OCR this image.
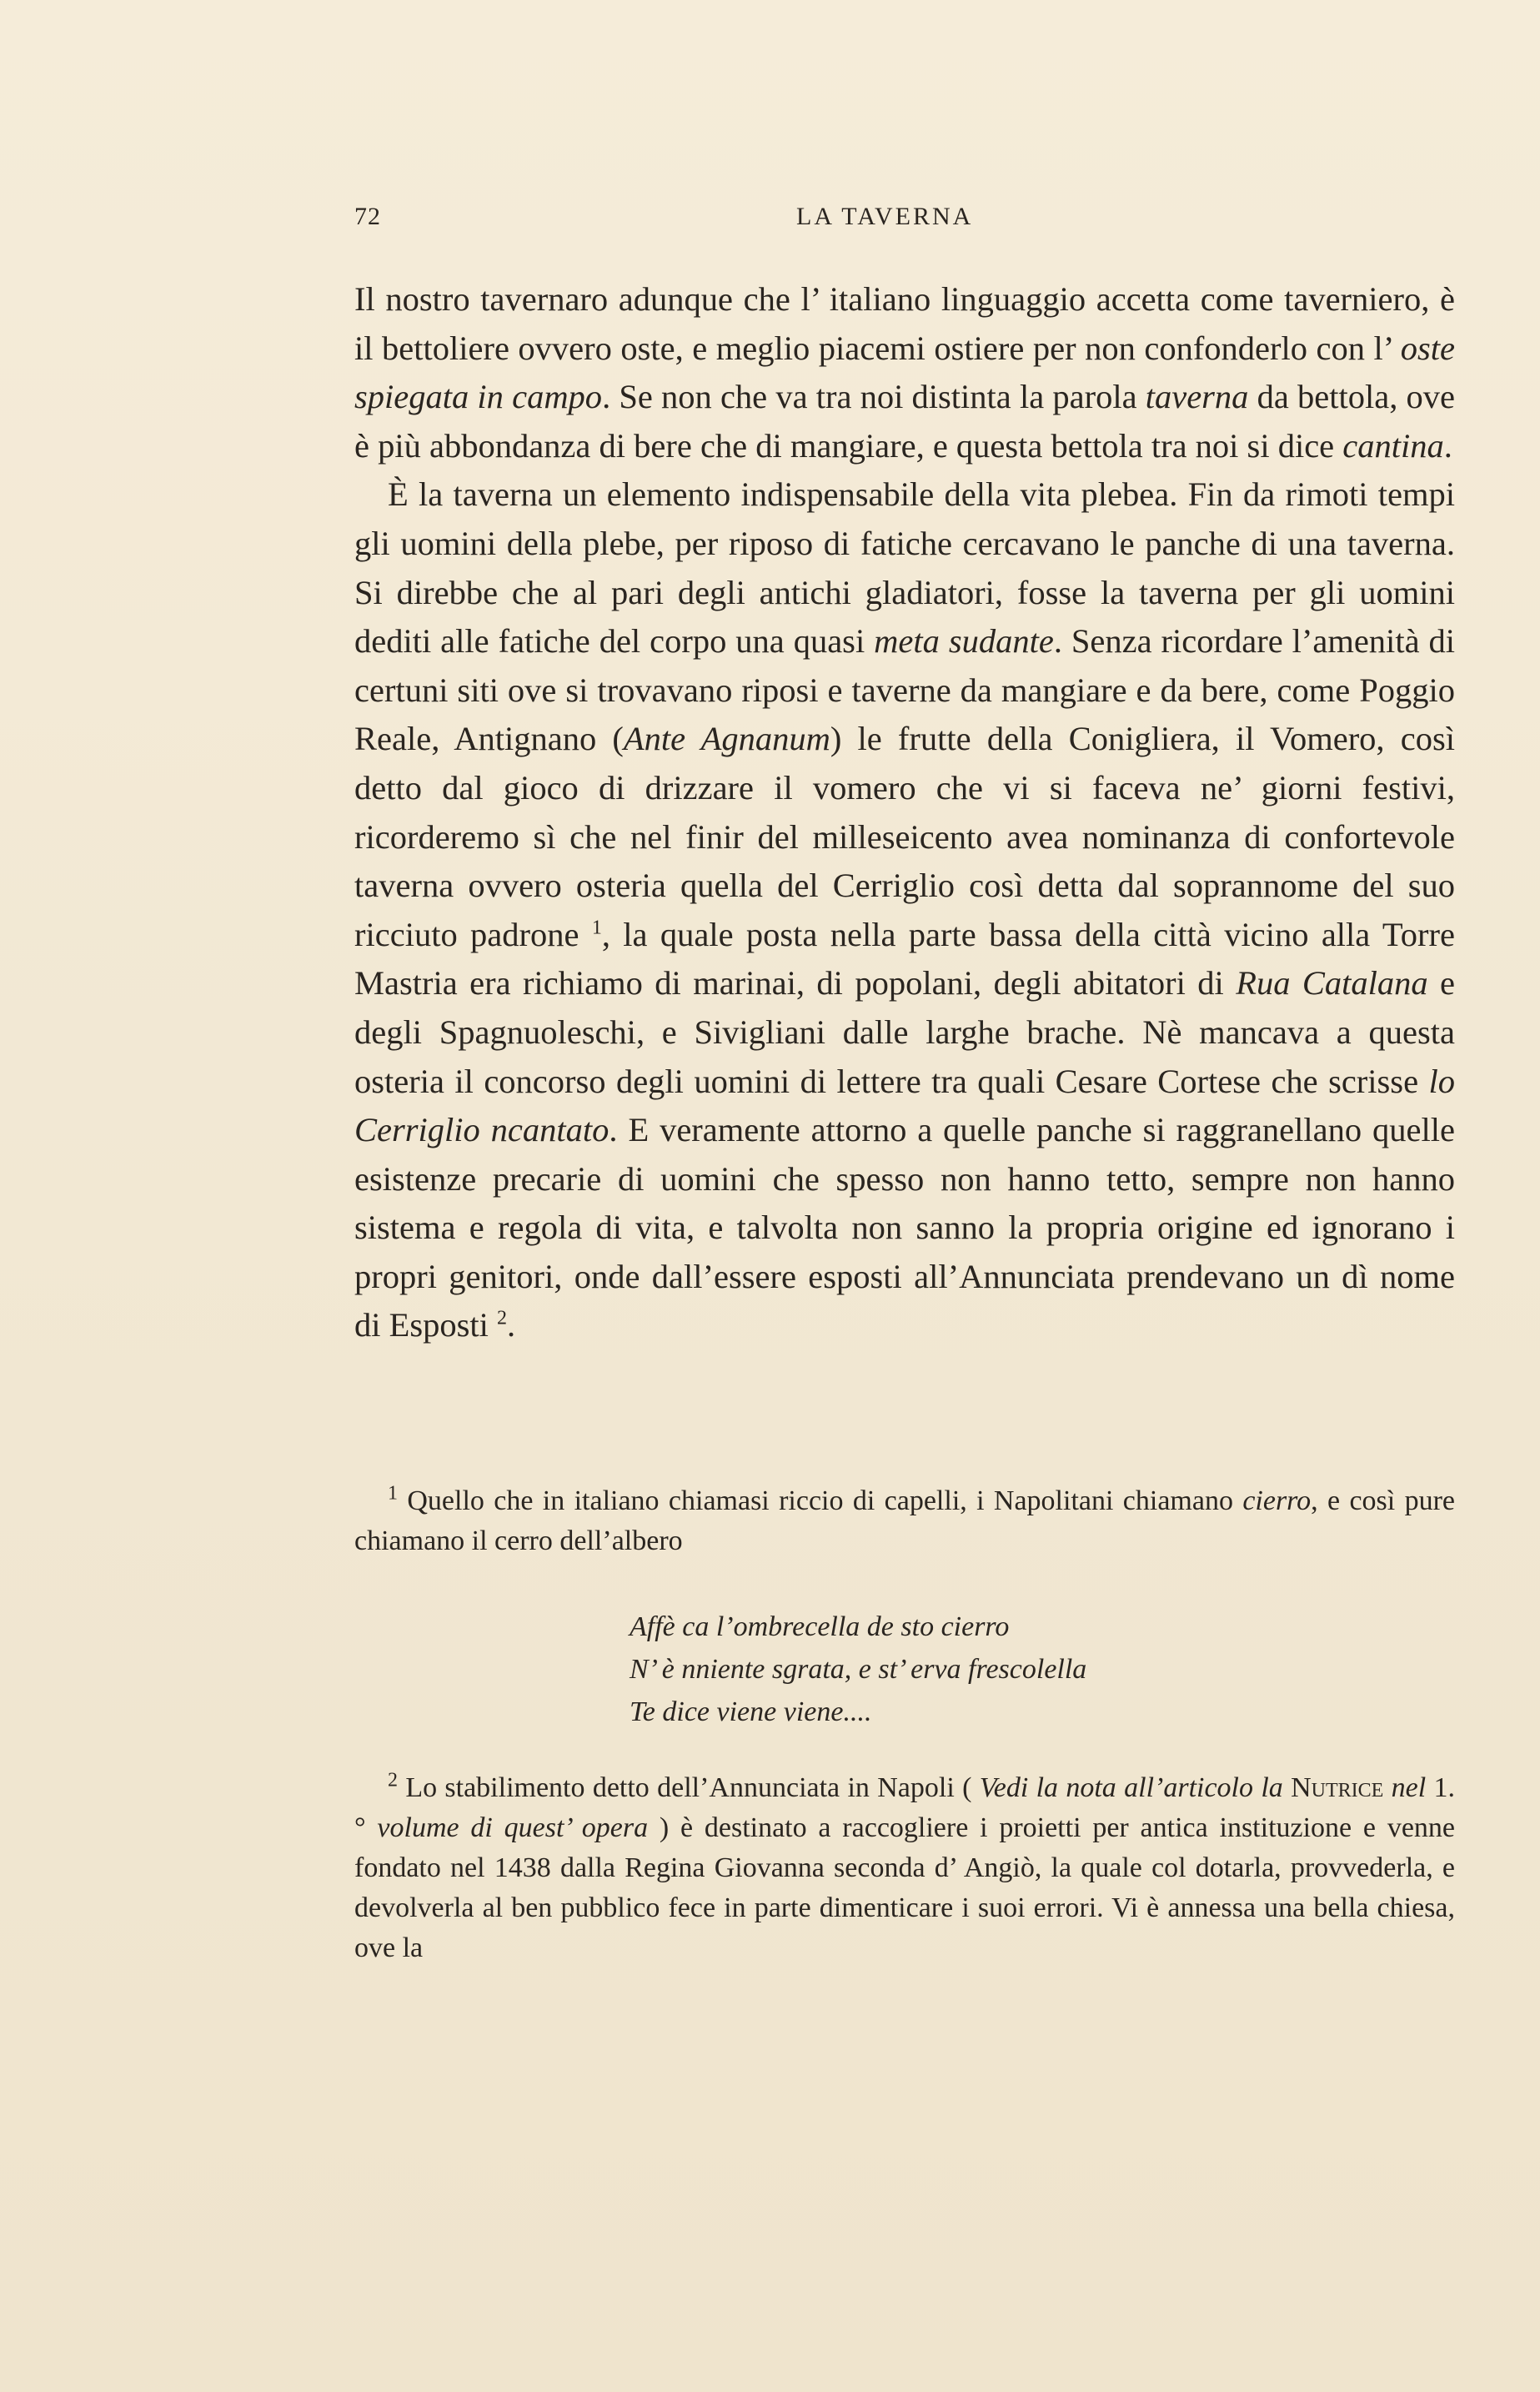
72	LA TAVERNA

Il nostro tavernaro adunque che l’ italiano linguaggio accetta come taverniero, è il bettoliere ovvero oste, e meglio piacemi ostiere per non confonderlo con l’ oste spiegata in campo. Se non che va tra noi distinta la parola taverna da bettola, ove è più abbondanza di bere che di mangiare, e questa bettola tra noi si dice cantina.

È la taverna un elemento indispensabile della vita plebea. Fin da rimoti tempi gli uomini della plebe, per riposo di fatiche cercavano le panche di una taverna. Si direbbe che al pari degli antichi gladiatori, fosse la taverna per gli uomini dediti alle fatiche del corpo una quasi meta sudante. Senza ricordare l’amenità di certuni siti ove si trovavano riposi e taverne da mangiare e da bere, come Poggio Reale, Antignano (Ante Agnanum) le frutte della Conigliera, il Vomero, così detto dal gioco di drizzare il vomero che vi si faceva ne’ giorni festivi, ricorderemo sì che nel finir del milleseicento avea nominanza di confortevole taverna ovvero osteria quella del Cerriglio così detta dal soprannome del suo ricciuto padrone $^1$, la quale posta nella parte bassa della città vicino alla Torre Mastria era richiamo di marinai, di popolani, degli abitatori di Rua Catalana e degli Spagnuoleschi, e Sivigliani dalle larghe brache. Nè mancava a questa osteria il concorso degli uomini di lettere tra quali Cesare Cortese che scrisse lo Cerriglio ncantato. E veramente attorno a quelle panche si raggranellano quelle esistenze precarie di uomini che spesso non hanno tetto, sempre non hanno sistema e regola di vita, e talvolta non sanno la propria origine ed ignorano i propri genitori, onde dall’essere esposti all’Annunciata prendevano un dì nome di Esposti $^2$.

$^1$ Quello che in italiano chiamasi riccio di capelli, i Napolitani chiamano cierro, e così pure chiamano il cerro dell’albero

Affè ca l’ombrecella de sto cierro
N’ è nniente sgrata, e st’ erva frescolella
Te dice viene viene....

$^2$ Lo stabilimento detto dell’Annunciata in Napoli ( Vedi la nota all’articolo la Nutrice nel 1.° volume di quest’ opera ) è destinato a raccogliere i proietti per antica instituzione e venne fondato nel 1438 dalla Regina Giovanna seconda d’ Angiò, la quale col dotarla, provvederla, e devolverla al ben pubblico fece in parte dimenticare i suoi errori. Vi è annessa una bella chiesa, ove la
